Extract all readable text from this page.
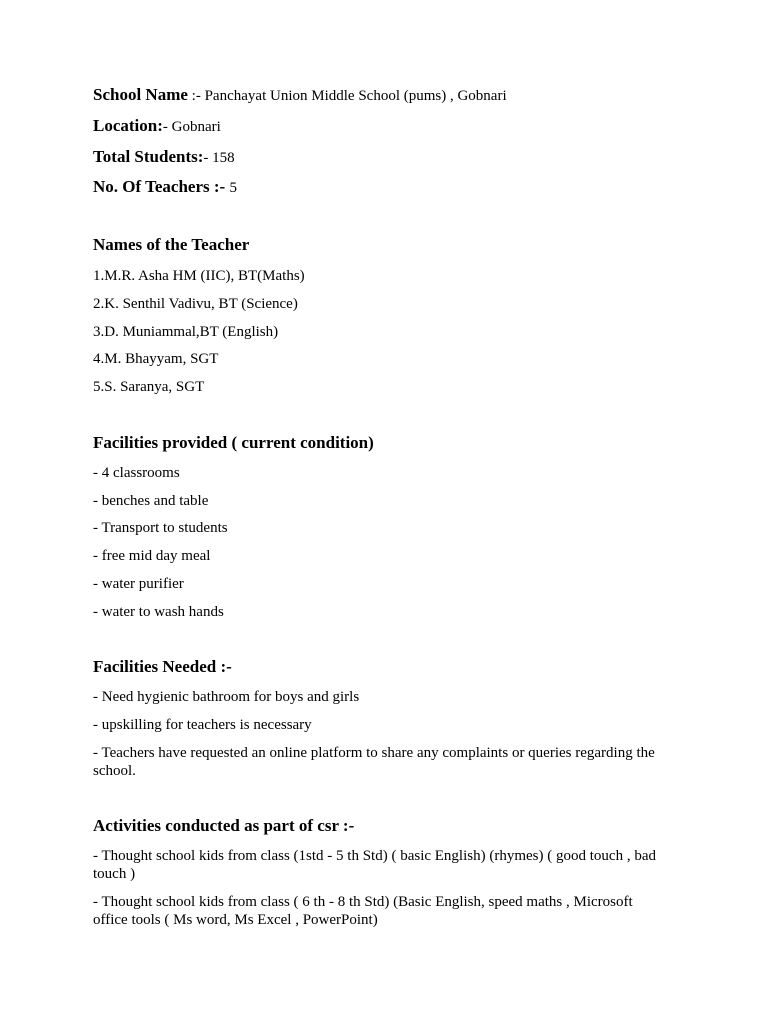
School Name :- Panchayat Union Middle School (pums) , Gobnari

Location:- Gobnari

Total Students:- 158

No. Of Teachers :- 5

Names of the Teacher

1.M.R. Asha HM (IIC), BT(Maths)

2.K. Senthil Vadivu, BT (Science)

3.D. Muniammal,BT (English)

4.M. Bhayyam, SGT

5.S. Saranya, SGT

Facilities provided ( current condition)

- 4 classrooms

- benches and table

- Transport to students

- free mid day meal

- water purifier

- water to wash hands

Facilities Needed :-

- Need hygienic bathroom for boys and girls

- upskilling for teachers is necessary

- Teachers have requested an online platform to share any complaints or queries regarding the school.

Activities conducted as part of csr :-

- Thought school kids from class (1std - 5 th Std) ( basic English) (rhymes) ( good touch , bad touch )

- Thought school kids from class ( 6 th - 8 th Std) (Basic English, speed maths , Microsoft office tools ( Ms word, Ms Excel , PowerPoint)
